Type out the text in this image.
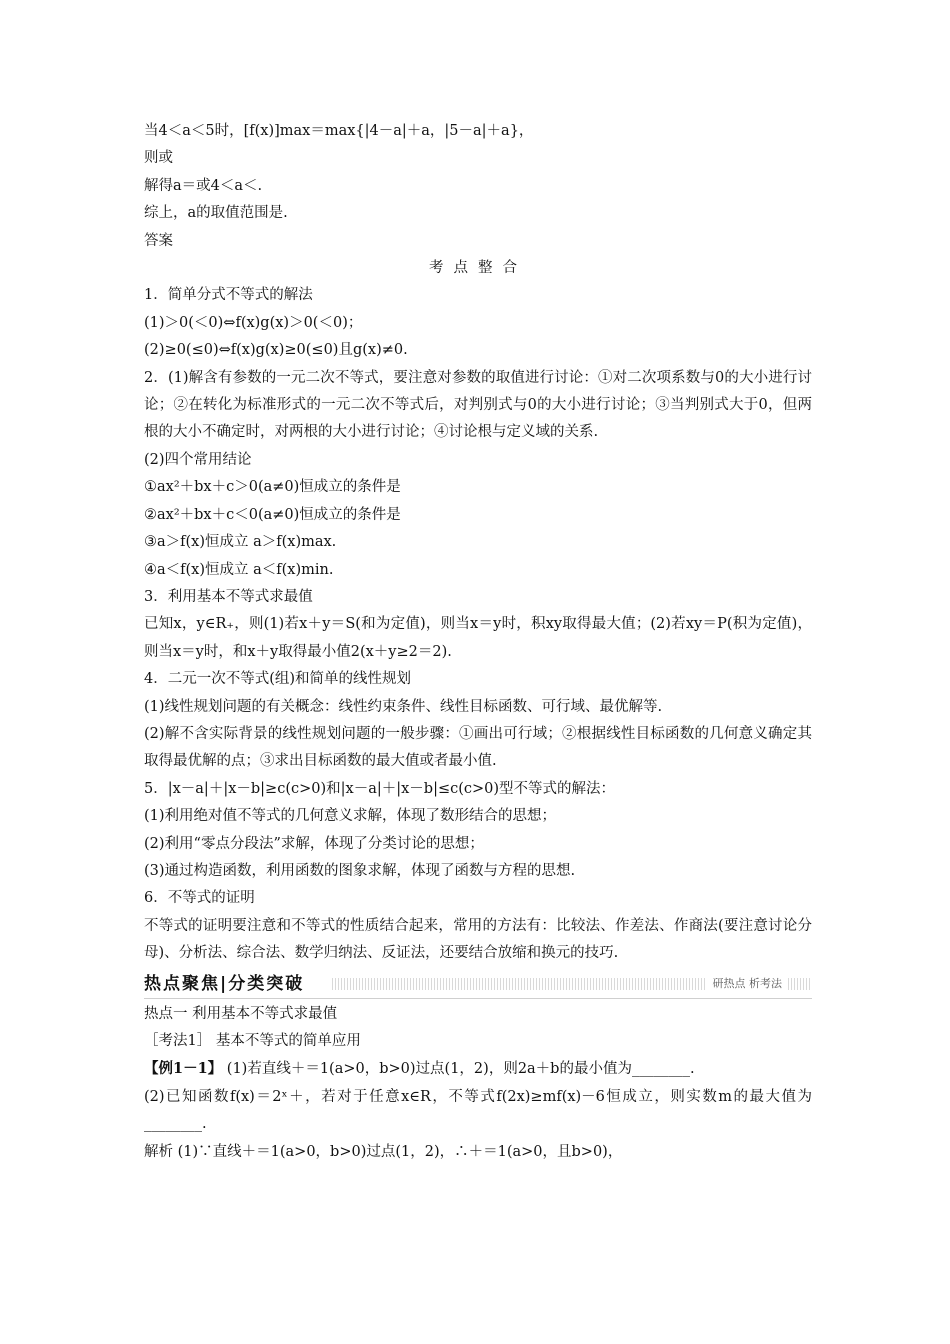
当4＜a＜5时，[f(x)]max＝max{|4－a|＋a，|5－a|＋a}，
则或
解得a＝或4＜a＜.
综上，a的取值范围是.
答案
考点整合
1．简单分式不等式的解法
(1)＞0(＜0)⇔f(x)g(x)＞0(＜0)；
(2)≥0(≤0)⇔f(x)g(x)≥0(≤0)且g(x)≠0.
2．(1)解含有参数的一元二次不等式，要注意对参数的取值进行讨论：①对二次项系数与0的大小进行讨论；②在转化为标准形式的一元二次不等式后，对判别式与0的大小进行讨论；③当判别式大于0，但两根的大小不确定时，对两根的大小进行讨论；④讨论根与定义域的关系.
(2)四个常用结论
①ax²＋bx＋c＞0(a≠0)恒成立的条件是
②ax²＋bx＋c＜0(a≠0)恒成立的条件是
③a＞f(x)恒成立 a＞f(x)max.
④a＜f(x)恒成立 a＜f(x)min.
3．利用基本不等式求最值
已知x，y∈R₊，则(1)若x＋y＝S(和为定值)，则当x＝y时，积xy取得最大值；(2)若xy＝P(积为定值)，则当x＝y时，和x＋y取得最小值2(x＋y≥2＝2).
4．二元一次不等式(组)和简单的线性规划
(1)线性规划问题的有关概念：线性约束条件、线性目标函数、可行域、最优解等.
(2)解不含实际背景的线性规划问题的一般步骤：①画出可行域；②根据线性目标函数的几何意义确定其取得最优解的点；③求出目标函数的最大值或者最小值.
5．|x－a|＋|x－b|≥c(c>0)和|x－a|＋|x－b|≤c(c>0)型不等式的解法：
(1)利用绝对值不等式的几何意义求解，体现了数形结合的思想；
(2)利用“零点分段法”求解，体现了分类讨论的思想；
(3)通过构造函数，利用函数的图象求解，体现了函数与方程的思想.
6．不等式的证明
不等式的证明要注意和不等式的性质结合起来，常用的方法有：比较法、作差法、作商法(要注意讨论分母)、分析法、综合法、数学归纳法、反证法，还要结合放缩和换元的技巧.
热点聚焦|分类突破	研热点 析考法
热点一 利用基本不等式求最值
［考法1］ 基本不等式的简单应用
【例1－1】 (1)若直线＋＝1(a>0，b>0)过点(1，2)，则2a＋b的最小值为________.
(2)已知函数f(x)＝2ˣ＋，若对于任意x∈R，不等式f(2x)≥mf(x)－6恒成立，则实数m的最大值为________.
解析 (1)∵直线＋＝1(a>0，b>0)过点(1，2)，∴＋＝1(a>0，且b>0)，
